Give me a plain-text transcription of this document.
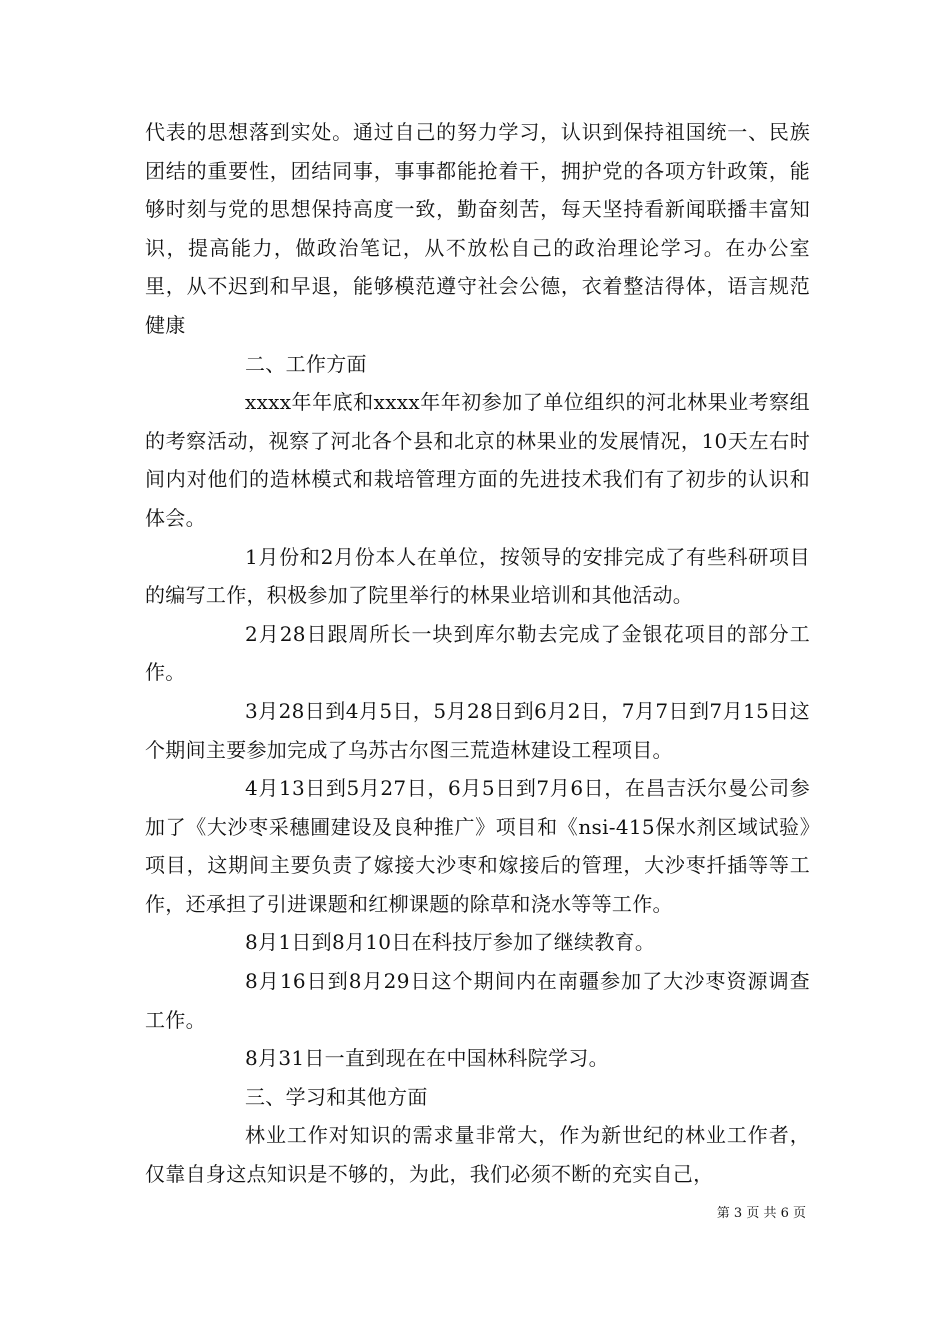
代表的思想落到实处。通过自己的努力学习，认识到保持祖国统一、民族团结的重要性，团结同事，事事都能抢着干，拥护党的各项方针政策，能够时刻与党的思想保持高度一致，勤奋刻苦，每天坚持看新闻联播丰富知识，提高能力，做政治笔记，从不放松自己的政治理论学习。在办公室里，从不迟到和早退，能够模范遵守社会公德，衣着整洁得体，语言规范健康

二、工作方面

xxxx年年底和xxxx年年初参加了单位组织的河北林果业考察组的考察活动，视察了河北各个县和北京的林果业的发展情况，10天左右时间内对他们的造林模式和栽培管理方面的先进技术我们有了初步的认识和体会。

1月份和2月份本人在单位，按领导的安排完成了有些科研项目的编写工作，积极参加了院里举行的林果业培训和其他活动。

2月28日跟周所长一块到库尔勒去完成了金银花项目的部分工作。

3月28日到4月5日，5月28日到6月2日，7月7日到7月15日这个期间主要参加完成了乌苏古尔图三荒造林建设工程项目。

4月13日到5月27日，6月5日到7月6日，在昌吉沃尔曼公司参加了《大沙枣采穗圃建设及良种推广》项目和《nsi-415保水剂区域试验》项目，这期间主要负责了嫁接大沙枣和嫁接后的管理，大沙枣扦插等等工作，还承担了引进课题和红柳课题的除草和浇水等等工作。

8月1日到8月10日在科技厅参加了继续教育。

8月16日到8月29日这个期间内在南疆参加了大沙枣资源调查工作。

8月31日一直到现在在中国林科院学习。

三、学习和其他方面

林业工作对知识的需求量非常大，作为新世纪的林业工作者，仅靠自身这点知识是不够的，为此，我们必须不断的充实自己，

第 3 页 共 6 页
